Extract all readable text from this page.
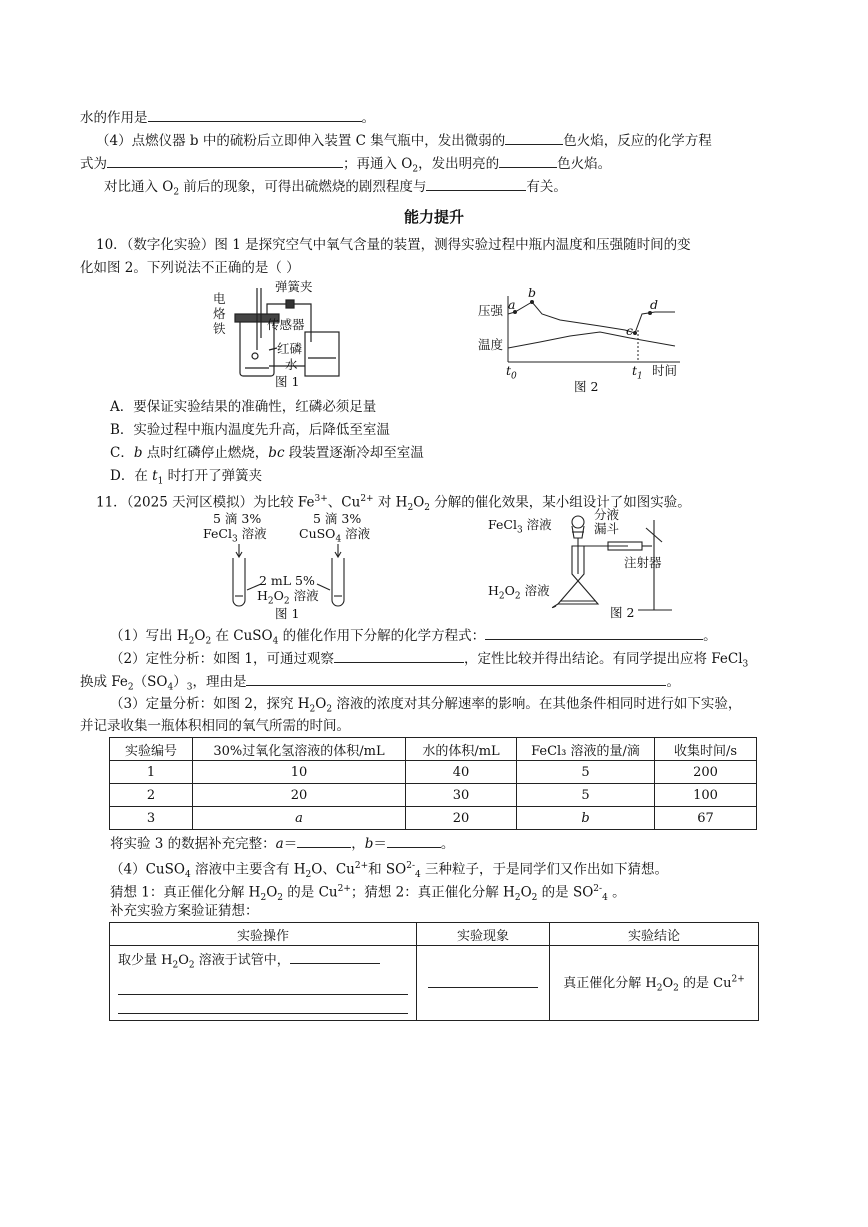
水的作用是	。
（4）点燃仪器 b 中的硫粉后立即伸入装置 C 集气瓶中，发出微弱的	色火焰，反应的化学方程
式为	；再通入 $O_2$，发出明亮的	色火焰。
对比通入 $O_2$ 前后的现象，可得出硫燃烧的剧烈程度与	有关。
能力提升
10．（数字化实验）图 1 是探究空气中氧气含量的装置，测得实验过程中瓶内温度和压强随时间的变
化如图 2。下列说法不正确的是（ ）
电
烙
铁
弹簧夹
传感器
红磷
水
图 1
压强
温度
a
b
c
d
$t_0$	$t_1$ 时间
图 2
A．要保证实验结果的准确性，红磷必须足量
B．实验过程中瓶内温度先升高，后降低至室温
C．b 点时红磷停止燃烧，bc 段装置逐渐冷却至室温
D．在 $t_1$ 时打开了弹簧夹
11．（2025 天河区模拟）为比较 $Fe^{3+}$、$Cu^{2+}$ 对 $H_2O_2$ 分解的催化效果，某小组设计了如图实验。
5 滴 3%
FeCl$_3$ 溶液
5 滴 3%
CuSO$_4$ 溶液
2 mL 5%
$H_2O_2$ 溶液
图 1
FeCl$_3$ 溶液
分液
漏斗
注射器
$H_2O_2$ 溶液
图 2
（1）写出 $H_2O_2$ 在 CuSO$_4$ 的催化作用下分解的化学方程式：	。
（2）定性分析：如图 1，可通过观察	，定性比较并得出结论。有同学提出应将 FeCl$_3$
换成 $Fe_2(SO_4)_3$，理由是	。
（3）定量分析：如图 2，探究 $H_2O_2$ 溶液的浓度对其分解速率的影响。在其他条件相同时进行如下实验，
并记录收集一瓶体积相同的氧气所需的时间。
实验编号	30%过氧化氢溶液的体积/mL	水的体积/mL	FeCl₃ 溶液的量/滴	收集时间/s
1	10	40	5	200
2	20	30	5	100
3	a	20	b	67
将实验 3 的数据补充完整：a＝	，b＝	。
（4）CuSO$_4$ 溶液中主要含有 $H_2O$、$Cu^{2+}$和 $SO^{2-}_4$ 三种粒子，于是同学们又作出如下猜想。
猜想 1：真正催化分解 $H_2O_2$ 的是 $Cu^{2+}$；猜想 2：真正催化分解 $H_2O_2$ 的是 $SO^{2-}_4$ 。
补充实验方案验证猜想：
实验操作	实验现象	实验结论

取少量 $H_2O_2$ 溶液于试管中，		真正催化分解 $H_2O_2$ 的是 $Cu^{2+}$
